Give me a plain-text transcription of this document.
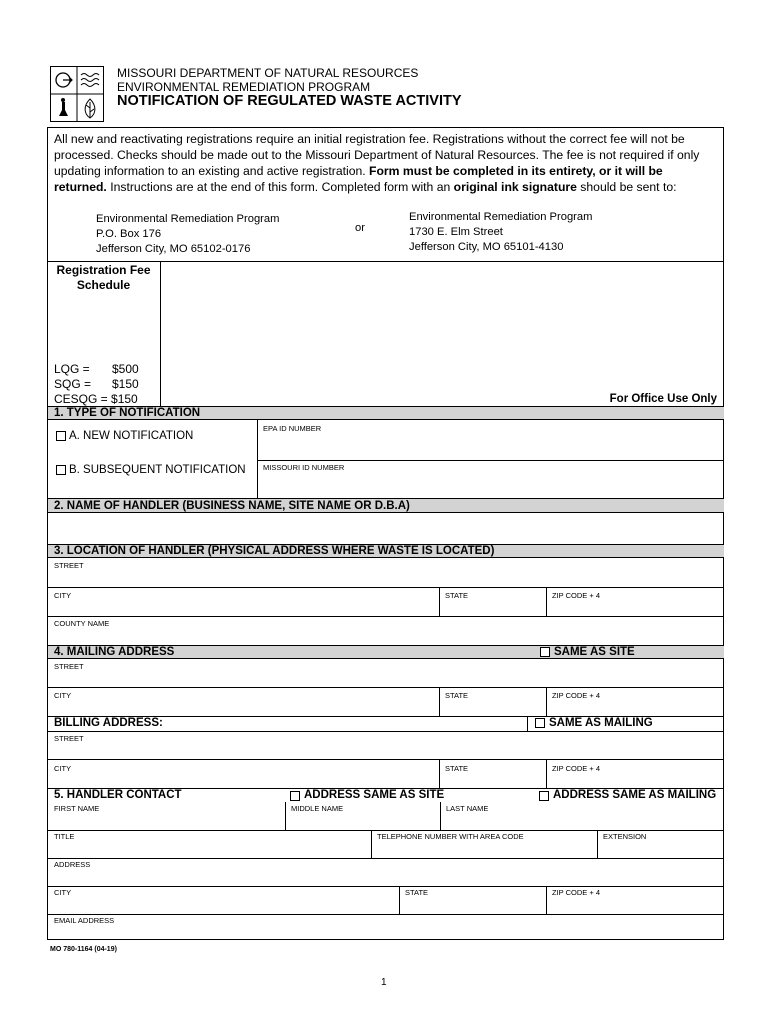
MISSOURI DEPARTMENT OF NATURAL RESOURCES
ENVIRONMENTAL REMEDIATION PROGRAM
NOTIFICATION OF REGULATED WASTE ACTIVITY
All new and reactivating registrations require an initial registration fee. Registrations without the correct fee will not be processed. Checks should be made out to the Missouri Department of Natural Resources. The fee is not required if only updating information to an existing and active registration. Form must be completed in its entirety, or it will be returned. Instructions are at the end of this form. Completed form with an original ink signature should be sent to:
Environmental Remediation Program
P.O. Box 176
Jefferson City, MO 65102-0176
or
Environmental Remediation Program
1730 E. Elm Street
Jefferson City, MO 65101-4130
Registration Fee Schedule
LQG = $500
SQG = $150
CESQG = $150	For Office Use Only
1. TYPE OF NOTIFICATION
EPA ID NUMBER
MISSOURI ID NUMBER
A. NEW NOTIFICATION
B. SUBSEQUENT NOTIFICATION
2. NAME OF HANDLER (BUSINESS NAME, SITE NAME OR D.B.A)
3. LOCATION OF HANDLER (PHYSICAL ADDRESS WHERE WASTE IS LOCATED)
STREET
CITY	STATE	ZIP CODE + 4
COUNTY NAME
4. MAILING ADDRESS	SAME AS SITE
STREET
CITY	STATE	ZIP CODE + 4
BILLING ADDRESS:	SAME AS MAILING
STREET
CITY	STATE	ZIP CODE + 4
5. HANDLER CONTACT	ADDRESS SAME AS SITE	ADDRESS SAME AS MAILING
FIRST NAME	MIDDLE NAME	LAST NAME
TITLE	TELEPHONE NUMBER WITH AREA CODE	EXTENSION
ADDRESS
CITY	STATE	ZIP CODE + 4
EMAIL ADDRESS
MO 780-1164 (04-19)
1
